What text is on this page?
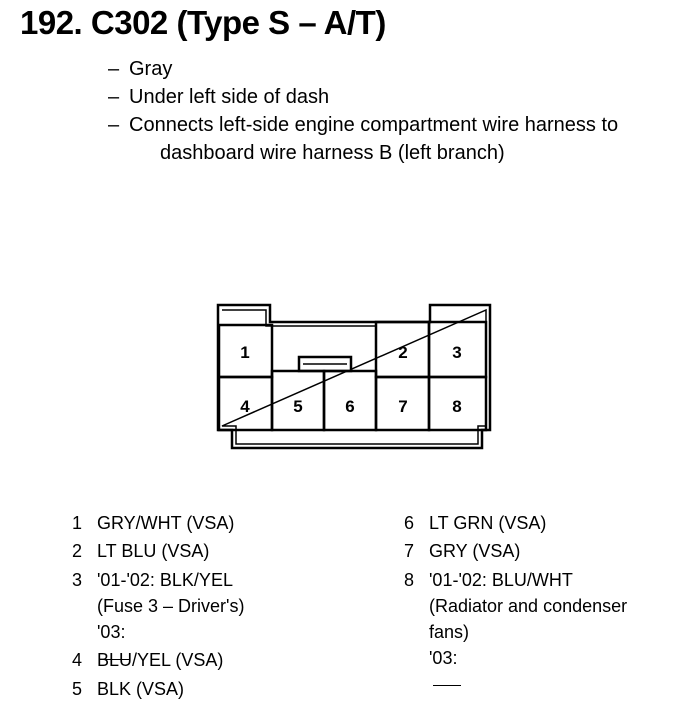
192. C302 (Type S – A/T)
– Gray
– Under left side of dash
– Connects left-side engine compartment wire harness to dashboard wire harness B (left branch)
1	2	3
4	5	6	7	8
1 GRY/WHT (VSA)
2 LT BLU (VSA)
3 '01-'02: BLK/YEL
(Fuse 3 – Driver's)
'03:
4 BLU/YEL (VSA)
5 BLK (VSA)
6 LT GRN (VSA)
7 GRY (VSA)
8 '01-'02: BLU/WHT
(Radiator and condenser
fans)
'03:
